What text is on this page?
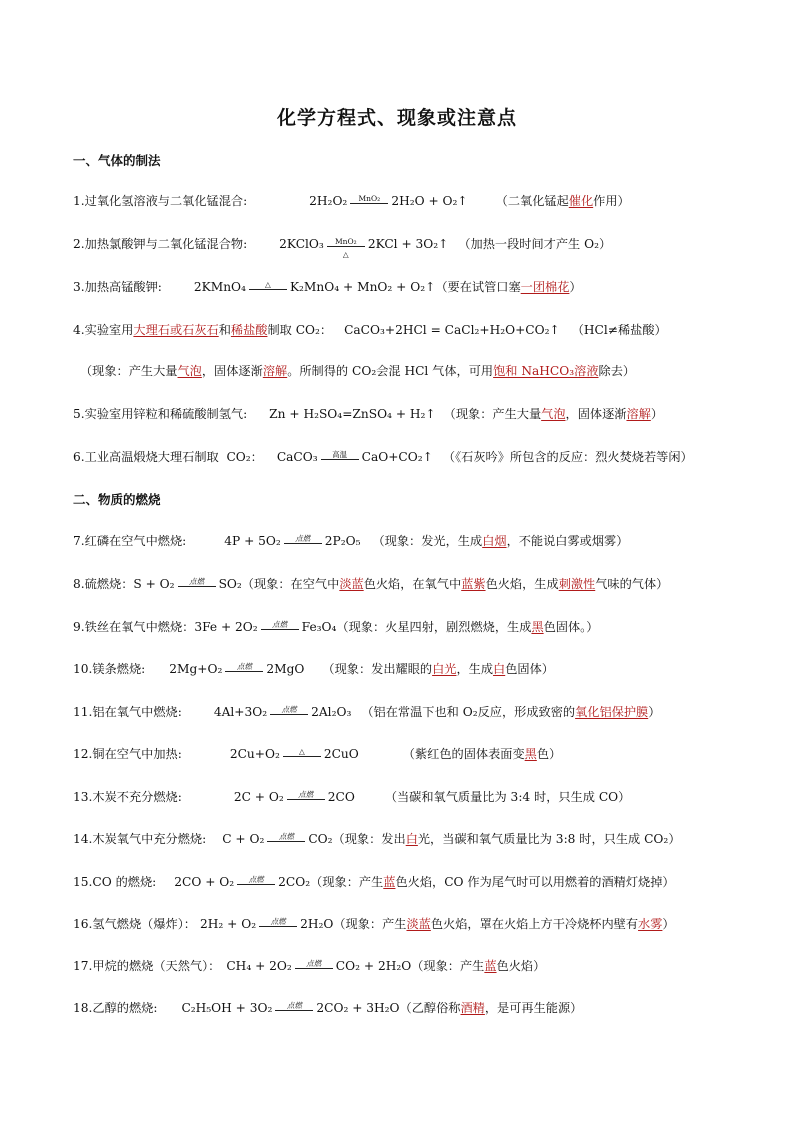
化学方程式、现象或注意点
一、气体的制法
1.过氧化氢溶液与二氧化锰混合:	2H₂O₂	MnO₂ 2H₂O + O₂↑ （二氧化锰起催化作用）
2.加热氯酸钾与二氧化锰混合物:	2KClO₃	MnO₂
△
2KCl + 3O₂↑ （加热一段时间才产生 O₂）
3.加热高锰酸钾:	2KMnO₄	△	K₂MnO₄ + MnO₂ + O₂↑（要在试管口塞一团棉花）
4.实验室用大理石或石灰石和稀盐酸制取 CO₂： CaCO₃+2HCl = CaCl₂+H₂O+CO₂↑ （HCl≠稀盐酸）
（现象：产生大量气泡，固体逐渐溶解。所制得的 CO₂会混 HCl 气体，可用饱和 NaHCO₃溶液除去）
5.实验室用锌粒和稀硫酸制氢气: Zn + H₂SO₄=ZnSO₄ + H₂↑ （现象：产生大量气泡，固体逐渐溶解）
6.工业高温煅烧大理石制取  CO₂： CaCO₃	高温	CaO+CO₂↑ （《石灰吟》所包含的反应：烈火焚烧若等闲）
二、物质的燃烧
7.红磷在空气中燃烧:	4P + 5O₂	点燃	2P₂O₅ （现象：发光，生成白烟，不能说白雾或烟雾）
8.硫燃烧：S + O₂	点燃	SO₂（现象：在空气中淡蓝色火焰，在氧气中蓝紫色火焰，生成刺激性气味的气体）
9.铁丝在氧气中燃烧：3Fe + 2O₂	点燃	Fe₃O₄（现象：火星四射，剧烈燃烧，生成黑色固体。）
10.镁条燃烧: 2Mg+O₂	点燃	2MgO （现象：发出耀眼的白光，生成白色固体）
11.铝在氧气中燃烧:	4Al+3O₂	点燃	2Al₂O₃ （铝在常温下也和 O₂反应，形成致密的氧化铝保护膜）
12.铜在空气中加热:	2Cu+O₂	△	2CuO	（紫红色的固体表面变黑色）
13.木炭不充分燃烧:	2C + O₂	点燃	2CO （当碳和氧气质量比为 3:4 时，只生成 CO）
14.木炭氧气中充分燃烧: C + O₂	点燃	CO₂（现象：发出白光，当碳和氧气质量比为 3:8 时，只生成 CO₂）
15.CO 的燃烧: 2CO + O₂	点燃	2CO₂（现象：产生蓝色火焰，CO 作为尾气时可以用燃着的酒精灯烧掉）
16.氢气燃烧（爆炸）： 2H₂ + O₂	点燃	2H₂O（现象：产生淡蓝色火焰，罩在火焰上方干冷烧杯内壁有水雾）
17.甲烷的燃烧（天然气）： CH₄ + 2O₂	点燃	CO₂ + 2H₂O（现象：产生蓝色火焰）
18.乙醇的燃烧: C₂H₅OH + 3O₂	点燃	2CO₂ + 3H₂O（乙醇俗称酒精，是可再生能源）
